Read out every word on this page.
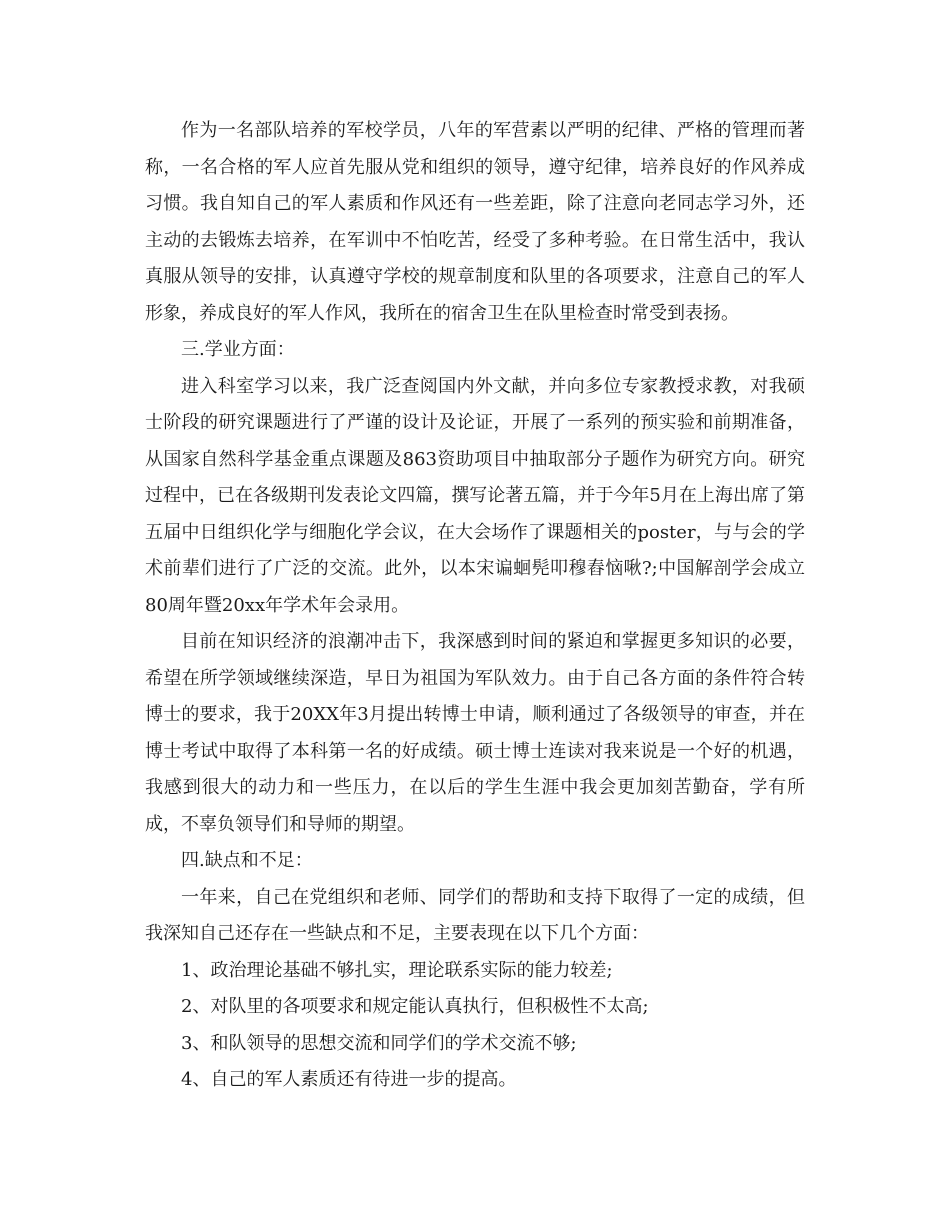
作为一名部队培养的军校学员，八年的军营素以严明的纪律、严格的管理而著称，一名合格的军人应首先服从党和组织的领导，遵守纪律，培养良好的作风养成习惯。我自知自己的军人素质和作风还有一些差距，除了注意向老同志学习外，还主动的去锻炼去培养，在军训中不怕吃苦，经受了多种考验。在日常生活中，我认真服从领导的安排，认真遵守学校的规章制度和队里的各项要求，注意自己的军人形象，养成良好的军人作风，我所在的宿舍卫生在队里检查时常受到表扬。

三.学业方面：

进入科室学习以来，我广泛查阅国内外文献，并向多位专家教授求教，对我硕士阶段的研究课题进行了严谨的设计及论证，开展了一系列的预实验和前期准备，从国家自然科学基金重点课题及863资助项目中抽取部分子题作为研究方向。研究过程中，已在各级期刊发表论文四篇，撰写论著五篇，并于今年5月在上海出席了第五届中日组织化学与细胞化学会议，在大会场作了课题相关的poster，与与会的学术前辈们进行了广泛的交流。此外，以本宋谝蛔髡叩穆舂恼啾?;中国解剖学会成立80周年暨20xx年学术年会录用。

目前在知识经济的浪潮冲击下，我深感到时间的紧迫和掌握更多知识的必要，希望在所学领域继续深造，早日为祖国为军队效力。由于自己各方面的条件符合转博士的要求，我于20XX年3月提出转博士申请，顺利通过了各级领导的审查，并在博士考试中取得了本科第一名的好成绩。硕士博士连读对我来说是一个好的机遇，我感到很大的动力和一些压力，在以后的学生生涯中我会更加刻苦勤奋，学有所成，不辜负领导们和导师的期望。

四.缺点和不足：

一年来，自己在党组织和老师、同学们的帮助和支持下取得了一定的成绩，但我深知自己还存在一些缺点和不足，主要表现在以下几个方面：

1、政治理论基础不够扎实，理论联系实际的能力较差;

2、对队里的各项要求和规定能认真执行，但积极性不太高;

3、和队领导的思想交流和同学们的学术交流不够;

4、自己的军人素质还有待进一步的提高。
